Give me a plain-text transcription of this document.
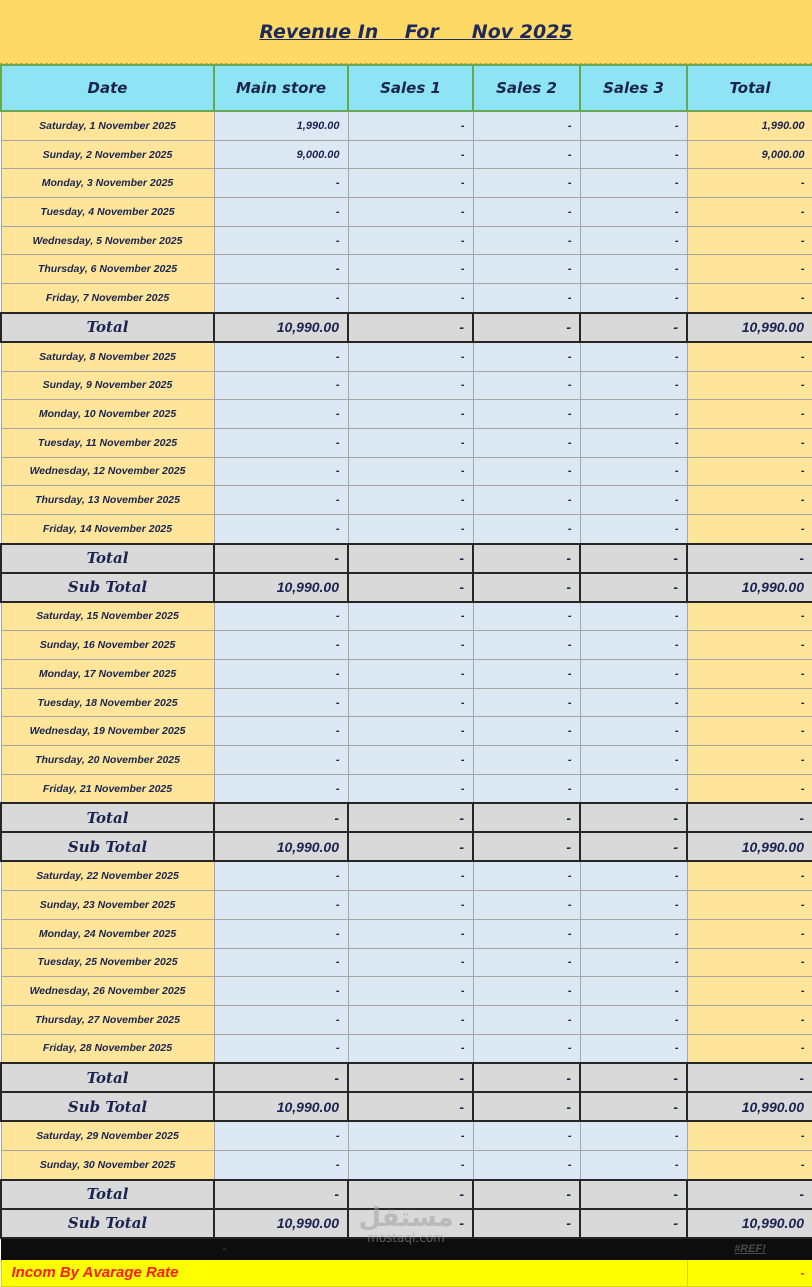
Revenue In    For     Nov 2025
Date	Main store	Sales 1	Sales 2	Sales 3	Total
Saturday, 1 November 2025	1,990.00	-	-	-	1,990.00
Sunday, 2 November 2025	9,000.00	-	-	-	9,000.00
Monday, 3 November 2025	-	-	-	-	-
Tuesday, 4 November 2025	-	-	-	-	-
Wednesday, 5 November 2025	-	-	-	-	-
Thursday, 6 November 2025	-	-	-	-	-
Friday, 7 November 2025	-	-	-	-	-
Total	10,990.00	-	-	-	10,990.00
Saturday, 8 November 2025	-	-	-	-	-
Sunday, 9 November 2025	-	-	-	-	-
Monday, 10 November 2025	-	-	-	-	-
Tuesday, 11 November 2025	-	-	-	-	-
Wednesday, 12 November 2025	-	-	-	-	-
Thursday, 13 November 2025	-	-	-	-	-
Friday, 14 November 2025	-	-	-	-	-
Total	-	-	-	-	-
Sub Total	10,990.00	-	-	-	10,990.00
Saturday, 15 November 2025	-	-	-	-	-
Sunday, 16 November 2025	-	-	-	-	-
Monday, 17 November 2025	-	-	-	-	-
Tuesday, 18 November 2025	-	-	-	-	-
Wednesday, 19 November 2025	-	-	-	-	-
Thursday, 20 November 2025	-	-	-	-	-
Friday, 21 November 2025	-	-	-	-	-
Total	-	-	-	-	-
Sub Total	10,990.00	-	-	-	10,990.00
Saturday, 22 November 2025	-	-	-	-	-
Sunday, 23 November 2025	-	-	-	-	-
Monday, 24 November 2025	-	-	-	-	-
Tuesday, 25 November 2025	-	-	-	-	-
Wednesday, 26 November 2025	-	-	-	-	-
Thursday, 27 November 2025	-	-	-	-	-
Friday, 28 November 2025	-	-	-	-	-
Total	-	-	-	-	-
Sub Total	10,990.00	-	-	-	10,990.00
Saturday, 29 November 2025	-	-	-	-	-
Sunday, 30 November 2025	-	-	-	-	-
Total	-	-	-	-	-
Sub Total	10,990.00	-	-	-	10,990.00
	-				#REF!
Incom By Avarage Rate					-
مستقل
mostaql.com
